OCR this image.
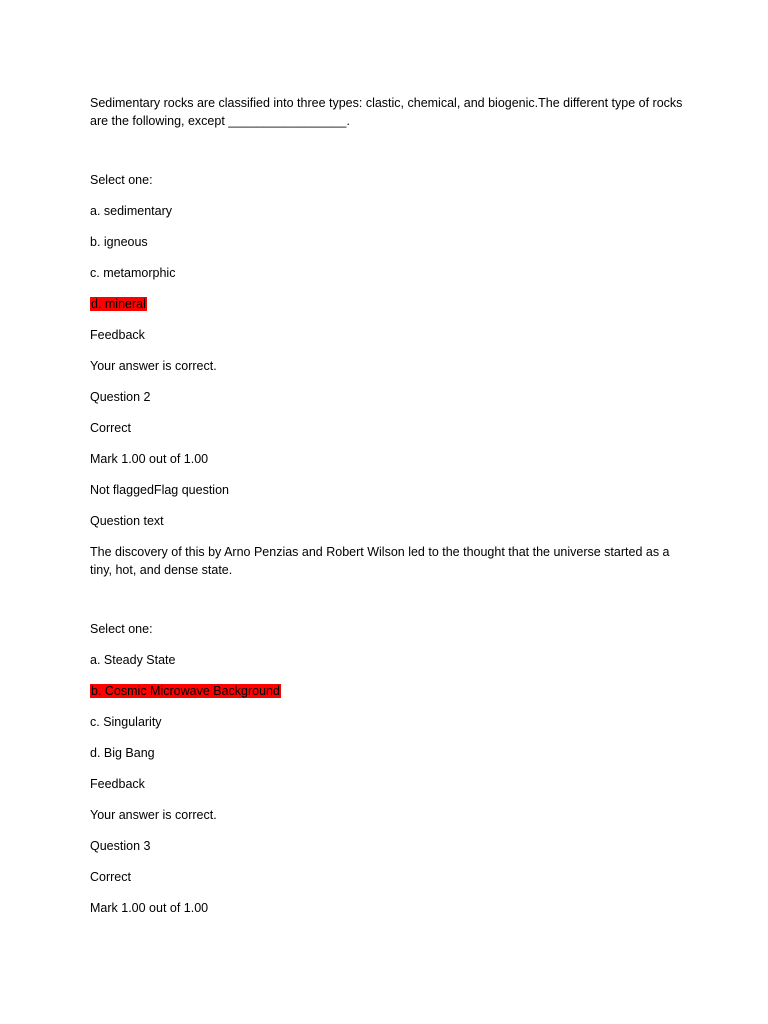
Sedimentary rocks are classified into three types: clastic, chemical, and biogenic.The different type of rocks are the following, except _________________.

Select one:

a. sedimentary

b. igneous

c. metamorphic

d. mineral

Feedback

Your answer is correct.

Question 2

Correct

Mark 1.00 out of 1.00

Not flaggedFlag question

Question text

The discovery of this by Arno Penzias and Robert Wilson led to the thought that the universe started as a tiny, hot, and dense state.

Select one:

a. Steady State

b. Cosmic Microwave Background

c. Singularity

d. Big Bang

Feedback

Your answer is correct.

Question 3

Correct

Mark 1.00 out of 1.00
